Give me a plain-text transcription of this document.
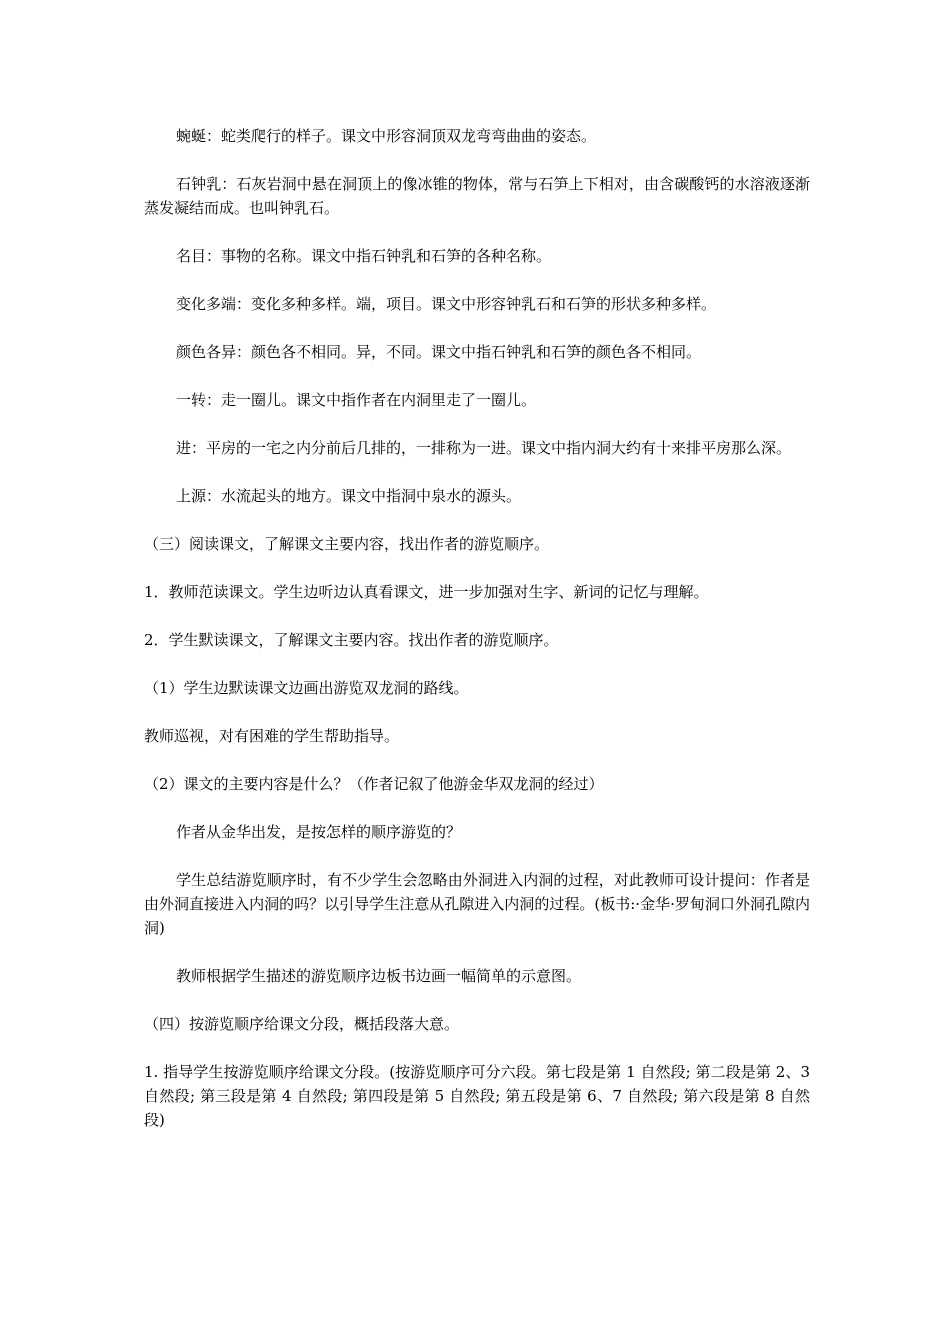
蜿蜒：蛇类爬行的样子。课文中形容洞顶双龙弯弯曲曲的姿态。

石钟乳：石灰岩洞中悬在洞顶上的像冰锥的物体，常与石笋上下相对，由含碳酸钙的水溶液逐渐蒸发凝结而成。也叫钟乳石。

名目：事物的名称。课文中指石钟乳和石笋的各种名称。

变化多端：变化多种多样。端，项目。课文中形容钟乳石和石笋的形状多种多样。

颜色各异：颜色各不相同。异，不同。课文中指石钟乳和石笋的颜色各不相同。

一转：走一圈儿。课文中指作者在内洞里走了一圈儿。

进：平房的一宅之内分前后几排的，一排称为一进。课文中指内洞大约有十来排平房那么深。

上源：水流起头的地方。课文中指洞中泉水的源头。

（三）阅读课文，了解课文主要内容，找出作者的游览顺序。

1．教师范读课文。学生边听边认真看课文，进一步加强对生字、新词的记忆与理解。

2．学生默读课文，了解课文主要内容。找出作者的游览顺序。

（1）学生边默读课文边画出游览双龙洞的路线。

教师巡视，对有困难的学生帮助指导。

（2）课文的主要内容是什么？（作者记叙了他游金华双龙洞的经过）

作者从金华出发，是按怎样的顺序游览的？

学生总结游览顺序时，有不少学生会忽略由外洞进入内洞的过程，对此教师可设计提问：作者是由外洞直接进入内洞的吗？以引导学生注意从孔隙进入内洞的过程。(板书:·金华·罗甸洞口外洞孔隙内洞)

教师根据学生描述的游览顺序边板书边画一幅简单的示意图。

（四）按游览顺序给课文分段，概括段落大意。

1. 指导学生按游览顺序给课文分段。(按游览顺序可分六段。第七段是第 1 自然段; 第二段是第 2、3 自然段; 第三段是第 4 自然段; 第四段是第 5 自然段; 第五段是第 6、7 自然段; 第六段是第 8 自然段)
